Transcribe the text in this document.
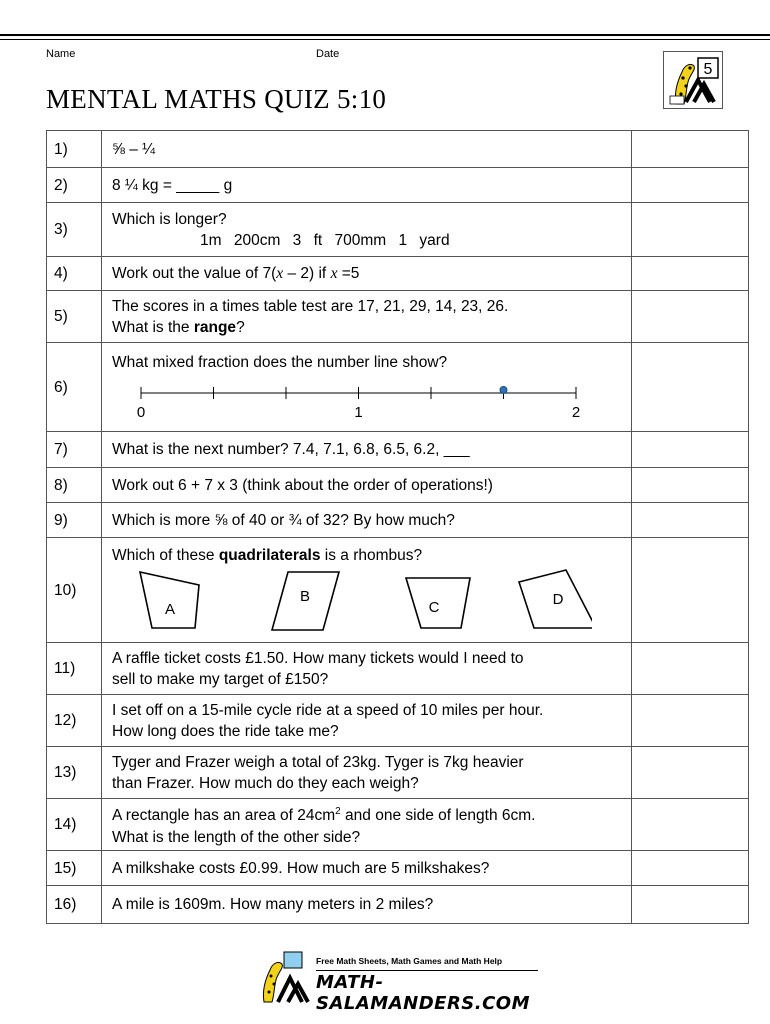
Name	Date
MENTAL MATHS QUIZ 5:10
5
1)	⅝ – ¼	
2)	8 ¼ kg = _____ g	
3)	Which is longer?
1m 200cm 3 ft 700mm 1 yard	

4)	Work out the value of 7(x – 2) if x =5	
5)	The scores in a times table test are 17, 21, 29, 14, 23, 26.
What is the range?	

6)	What mixed fraction does the number line show?
0 1 2	

7)	What is the next number? 7.4, 7.1, 6.8, 6.5, 6.2, ___	
8)	Work out 6 + 7 x 3 (think about the order of operations!)	
9)	Which is more ⅝ of 40 or ¾ of 32? By how much?	
10)	Which of these quadrilaterals is a rhombus?
A
B
C D	

11)	A raffle ticket costs £1.50. How many tickets would I need to
sell to make my target of £150?	

12)	I set off on a 15-mile cycle ride at a speed of 10 miles per hour.
How long does the ride take me?	

13)	Tyger and Frazer weigh a total of 23kg. Tyger is 7kg heavier
than Frazer. How much do they each weigh?	

14)	A rectangle has an area of $24cm^2$ and one side of length 6cm.
What is the length of the other side?	

15)	A milkshake costs £0.99. How much are 5 milkshakes?	
16)	A mile is 1609m. How many meters in 2 miles?	
Free Math Sheets, Math Games and Math Help
MATH-SALAMANDERS.COM
